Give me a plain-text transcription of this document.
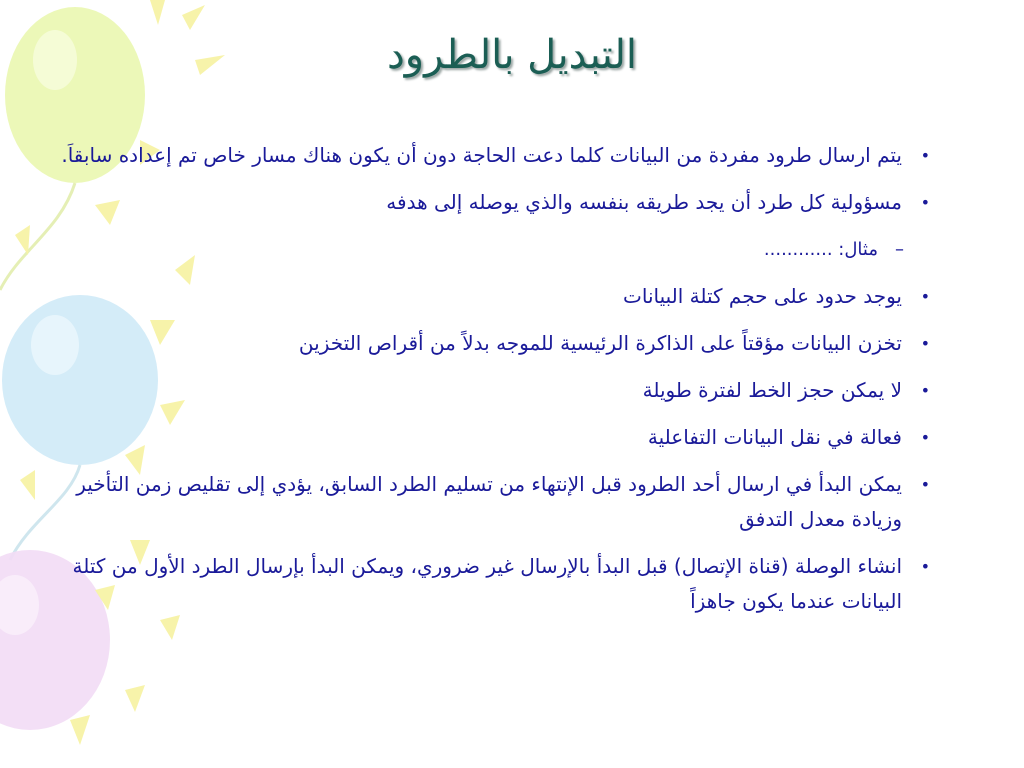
التبديل بالطرود
•
يتم ارسال طرود مفردة من البيانات كلما دعت الحاجة دون أن يكون هناك مسار خاص تم إعداده سابقاَ.
•
مسؤولية كل طرد أن يجد طريقه بنفسه والذي يوصله إلى هدفه
–
مثال: ............
•
يوجد حدود على حجم كتلة البيانات
•
تخزن البيانات مؤقتاً على الذاكرة الرئيسية للموجه بدلاً من أقراص التخزين
•
لا يمكن حجز الخط لفترة طويلة
•
فعالة في نقل البيانات التفاعلية
•
يمكن البدأ في ارسال أحد الطرود قبل الإنتهاء من تسليم الطرد السابق، يؤدي إلى تقليص زمن التأخير وزيادة معدل التدفق
•
انشاء الوصلة (قناة الإتصال) قبل البدأ بالإرسال غير ضروري، ويمكن البدأ بإرسال الطرد الأول من كتلة البيانات عندما يكون جاهزاً
